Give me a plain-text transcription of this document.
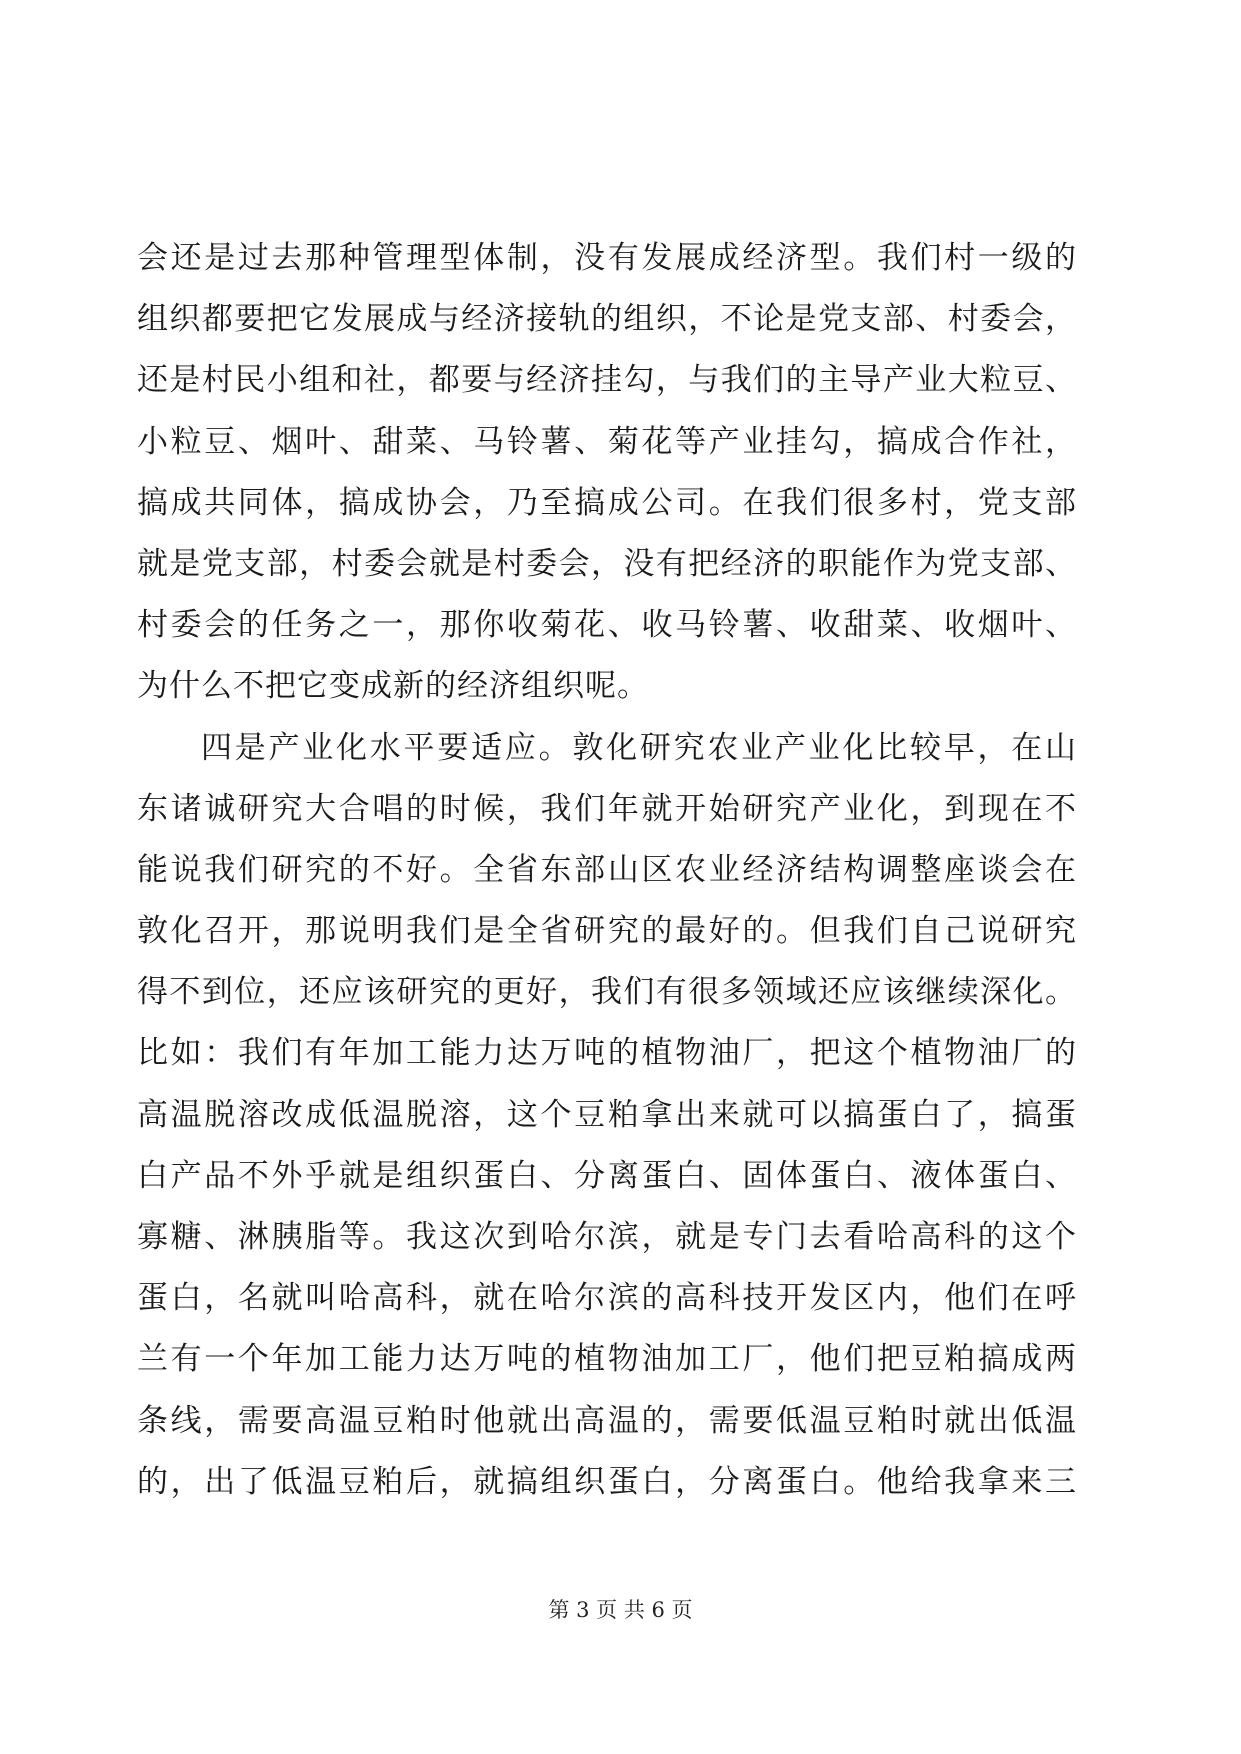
会还是过去那种管理型体制，没有发展成经济型。我们村一级的
组织都要把它发展成与经济接轨的组织，不论是党支部、村委会，
还是村民小组和社，都要与经济挂勾，与我们的主导产业大粒豆、
小粒豆、烟叶、甜菜、马铃薯、菊花等产业挂勾，搞成合作社，
搞成共同体，搞成协会，乃至搞成公司。在我们很多村，党支部
就是党支部，村委会就是村委会，没有把经济的职能作为党支部、
村委会的任务之一，那你收菊花、收马铃薯、收甜菜、收烟叶、
为什么不把它变成新的经济组织呢。
四是产业化水平要适应。敦化研究农业产业化比较早，在山
东诸诚研究大合唱的时候，我们年就开始研究产业化，到现在不
能说我们研究的不好。全省东部山区农业经济结构调整座谈会在
敦化召开，那说明我们是全省研究的最好的。但我们自己说研究
得不到位，还应该研究的更好，我们有很多领域还应该继续深化。
比如：我们有年加工能力达万吨的植物油厂，把这个植物油厂的
高温脱溶改成低温脱溶，这个豆粕拿出来就可以搞蛋白了，搞蛋
白产品不外乎就是组织蛋白、分离蛋白、固体蛋白、液体蛋白、
寡糖、淋胰脂等。我这次到哈尔滨，就是专门去看哈高科的这个
蛋白，名就叫哈高科，就在哈尔滨的高科技开发区内，他们在呼
兰有一个年加工能力达万吨的植物油加工厂，他们把豆粕搞成两
条线，需要高温豆粕时他就出高温的，需要低温豆粕时就出低温
的，出了低温豆粕后，就搞组织蛋白，分离蛋白。他给我拿来三
第 3 页 共 6 页
